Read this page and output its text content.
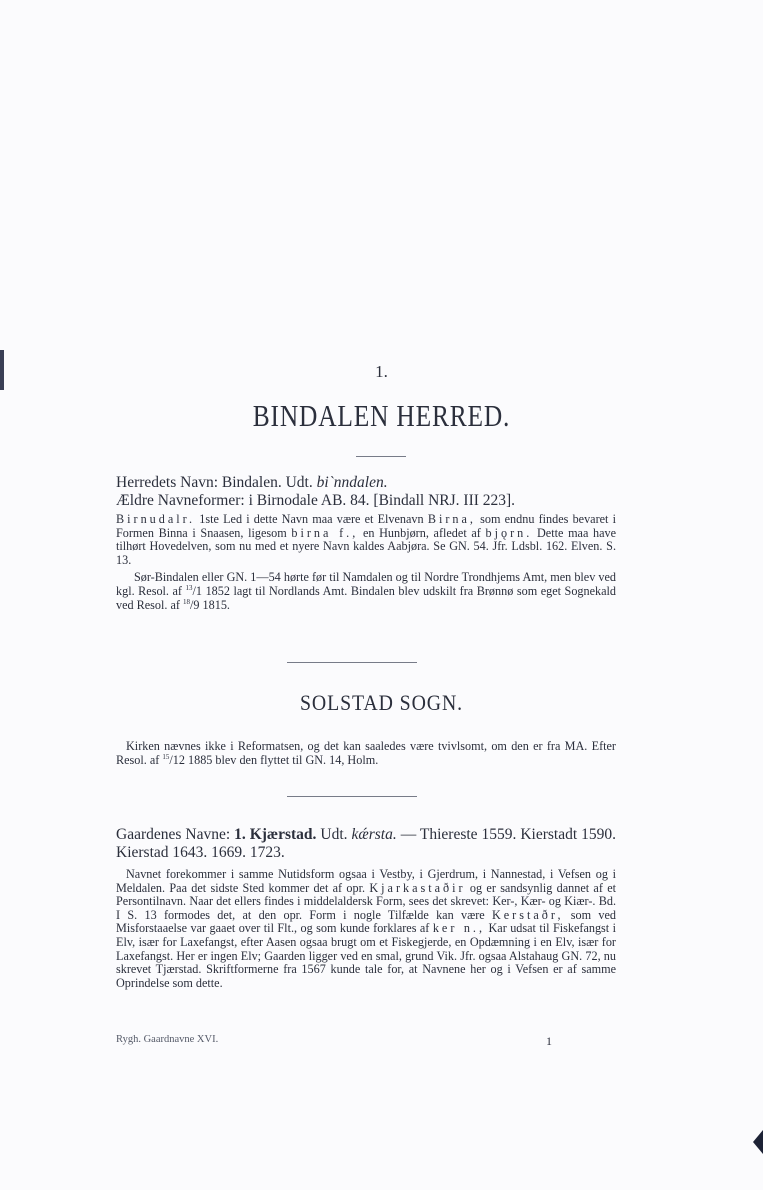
1.

BINDALEN HERRED.

Herredets Navn: Bindalen. Udt. bi`nndalen.

Ældre Navneformer: i Birnodale AB. 84. [Bindall NRJ. III 223].

Birnudalr. 1ste Led i dette Navn maa være et Elvenavn Birna, som endnu findes bevaret i Formen Binna i Snaasen, ligesom birna f., en Hunbjørn, afledet af bjǫrn. Dette maa have tilhørt Hovedelven, som nu med et nyere Navn kaldes Aabjøra. Se GN. 54. Jfr. Ldsbl. 162. Elven. S. 13.

Sør-Bindalen eller GN. 1—54 hørte før til Namdalen og til Nordre Trondhjems Amt, men blev ved kgl. Resol. af $^{13}$/1 1852 lagt til Nordlands Amt. Bindalen blev udskilt fra Brønnø som eget Sognekald ved Resol. af $^{18}$/9 1815.

SOLSTAD SOGN.

Kirken nævnes ikke i Reformatsen, og det kan saaledes være tvivlsomt, om den er fra MA. Efter Resol. af $^{15}$/12 1885 blev den flyttet til GN. 14, Holm.

Gaardenes Navne: 1. Kjærstad. Udt. kǽrsta. — Thiereste 1559. Kierstadt 1590. Kierstad 1643. 1669. 1723.

Navnet forekommer i samme Nutidsform ogsaa i Vestby, i Gjerdrum, i Nannestad, i Vefsen og i Meldalen. Paa det sidste Sted kommer det af opr. Kjarkastaðir og er sandsynlig dannet af et Persontilnavn. Naar det ellers findes i middelaldersk Form, sees det skrevet: Ker-, Kær- og Kiær-. Bd. I S. 13 formodes det, at den opr. Form i nogle Tilfælde kan være Kerstaðr, som ved Misforstaaelse var gaaet over til Flt., og som kunde forklares af ker n., Kar udsat til Fiskefangst i Elv, især for Laxefangst, efter Aasen ogsaa brugt om et Fiskegjerde, en Opdæmning i en Elv, især for Laxefangst. Her er ingen Elv; Gaarden ligger ved en smal, grund Vik. Jfr. ogsaa Alstahaug GN. 72, nu skrevet Tjærstad. Skriftformerne fra 1567 kunde tale for, at Navnene her og i Vefsen er af samme Oprindelse som dette.

Rygh. Gaardnavne XVI.	1
